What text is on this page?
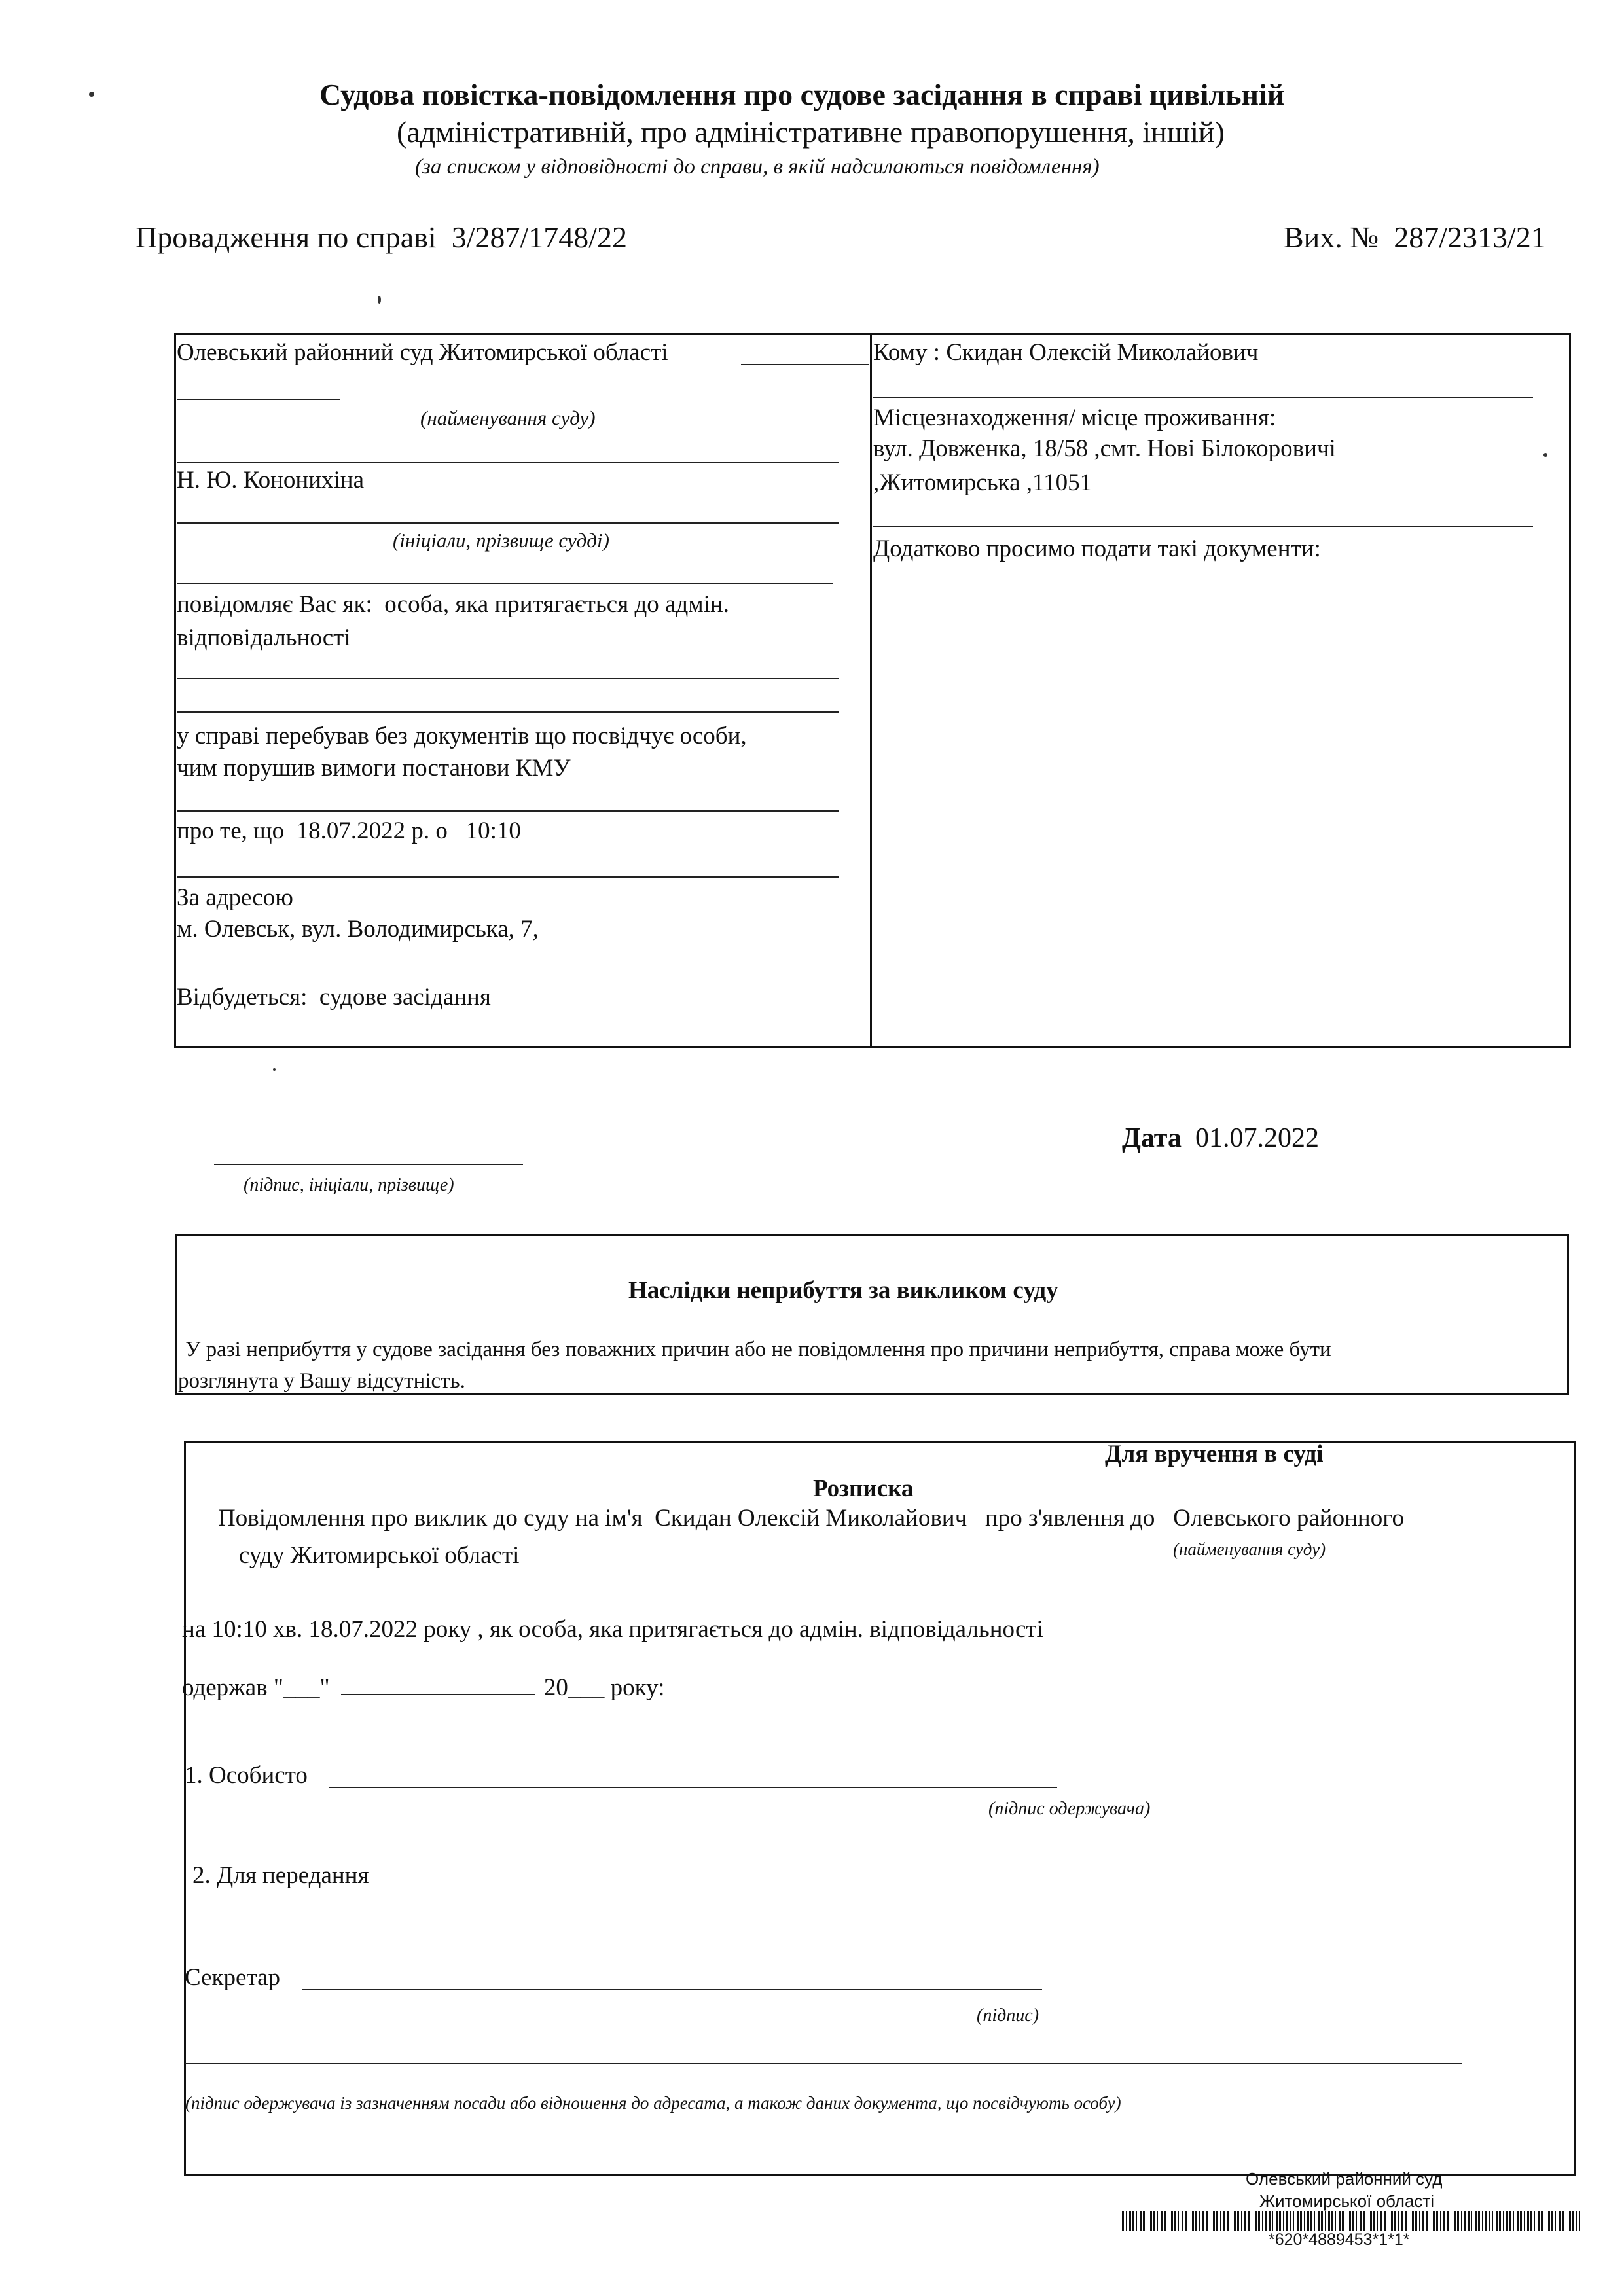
Судова повістка-повідомлення про судове засідання в справі цивільній
(адміністративній, про адміністративне правопорушення, іншій)
(за списком у відповідності до справи, в якій надсилаються повідомлення)
Провадження по справі 3/287/1748/22	Вих. № 287/2313/21
Олевський районний суд Житомирської області
(найменування суду)
Н. Ю. Кононихіна
(ініціали, прізвище судді)
повідомляє Вас як: особа, яка притягається до адмін.
відповідальності
у справі перебував без документів що посвідчує особи,
чим порушив вимоги постанови КМУ
про те, що 18.07.2022 р. о 10:10
За адресою
м. Олевськ, вул. Володимирська, 7,
Відбудеться: судове засідання
Кому : Скидан Олексій Миколайович
Місцезнаходження/ місце проживання:
вул. Довженка, 18/58 ,смт. Нові Білокоровичі
,Житомирська ,11051
Додатково просимо подати такі документи:
(підпис, ініціали, прізвище)
Дата 01.07.2022
Наслідки неприбуття за викликом суду
У разі неприбуття у судове засідання без поважних причин або не повідомлення про причини неприбуття, справа може бути
розглянута у Вашу відсутність.
Для вручення в суді
Розписка
Повідомлення про виклик до суду на ім'я Скидан Олексій Миколайович про з'явлення до Олевського районного
суду Житомирської області	(найменування суду)
на 10:10 хв. 18.07.2022 року , як особа, яка притягається до адмін. відповідальності
одержав "___"	20___ року:
1. Особисто
(підпис одержувача)
2. Для передання
Секретар
(підпис)
(підпис одержувача із зазначенням посади або відношення до адресата, а також даних документа, що посвідчують особу)
Олевський районний суд
Житомирської області
*620*4889453*1*1*
